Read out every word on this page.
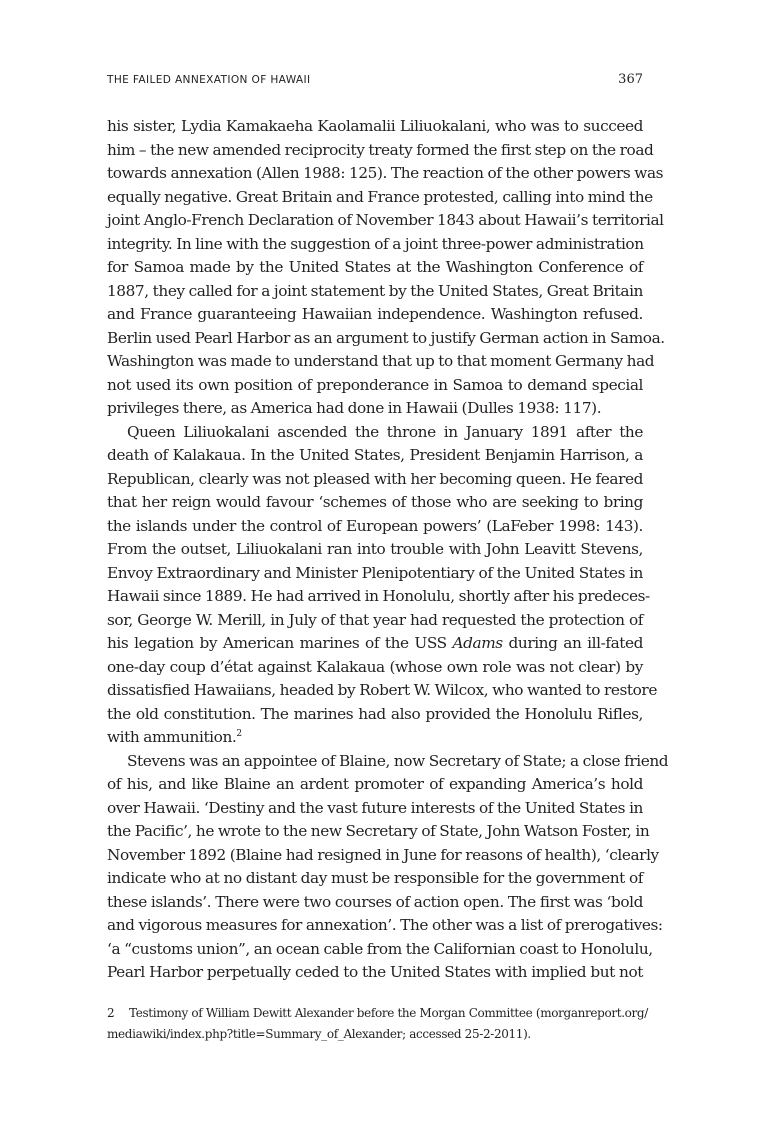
THE FAILED ANNEXATION OF HAWAII	367
his sister, Lydia Kamakaeha Kaolamalii Liliuokalani, who was to succeed
him – the new amended reciprocity treaty formed the first step on the road
towards annexation (Allen 1988: 125). The reaction of the other powers was
equally negative. Great Britain and France protested, calling into mind the
joint Anglo-French Declaration of November 1843 about Hawaii’s territorial
integrity. In line with the suggestion of a joint three-power administration
for Samoa made by the United States at the Washington Conference of
1887, they called for a joint statement by the United States, Great Britain
and France guaranteeing Hawaiian independence. Washington refused.
Berlin used Pearl Harbor as an argument to justify German action in Samoa.
Washington was made to understand that up to that moment Germany had
not used its own position of preponderance in Samoa to demand special
privileges there, as America had done in Hawaii (Dulles 1938: 117).
Queen Liliuokalani ascended the throne in January 1891 after the
death of Kalakaua. In the United States, President Benjamin Harrison, a
Republican, clearly was not pleased with her becoming queen. He feared
that her reign would favour ‘schemes of those who are seeking to bring
the islands under the control of European powers’ (LaFeber 1998: 143).
From the outset, Liliuokalani ran into trouble with John Leavitt Stevens,
Envoy Extraordinary and Minister Plenipotentiary of the United States in
Hawaii since 1889. He had arrived in Honolulu, shortly after his predeces-
sor, George W. Merill, in July of that year had requested the protection of
his legation by American marines of the USS Adams during an ill-fated
one-day coup d’état against Kalakaua (whose own role was not clear) by
dissatisfied Hawaiians, headed by Robert W. Wilcox, who wanted to restore
the old constitution. The marines had also provided the Honolulu Rifles,
with ammunition.$^2$
Stevens was an appointee of Blaine, now Secretary of State; a close friend
of his, and like Blaine an ardent promoter of expanding America’s hold
over Hawaii. ‘Destiny and the vast future interests of the United States in
the Pacific’, he wrote to the new Secretary of State, John Watson Foster, in
November 1892 (Blaine had resigned in June for reasons of health), ‘clearly
indicate who at no distant day must be responsible for the government of
these islands’. There were two courses of action open. The first was ‘bold
and vigorous measures for annexation’. The other was a list of prerogatives:
‘a “customs union”, an ocean cable from the Californian coast to Honolulu,
Pearl Harbor perpetually ceded to the United States with implied but not
2 Testimony of William Dewitt Alexander before the Morgan Committee (morganreport.org/
mediawiki/index.php?title=Summary_of_Alexander; accessed 25-2-2011).
